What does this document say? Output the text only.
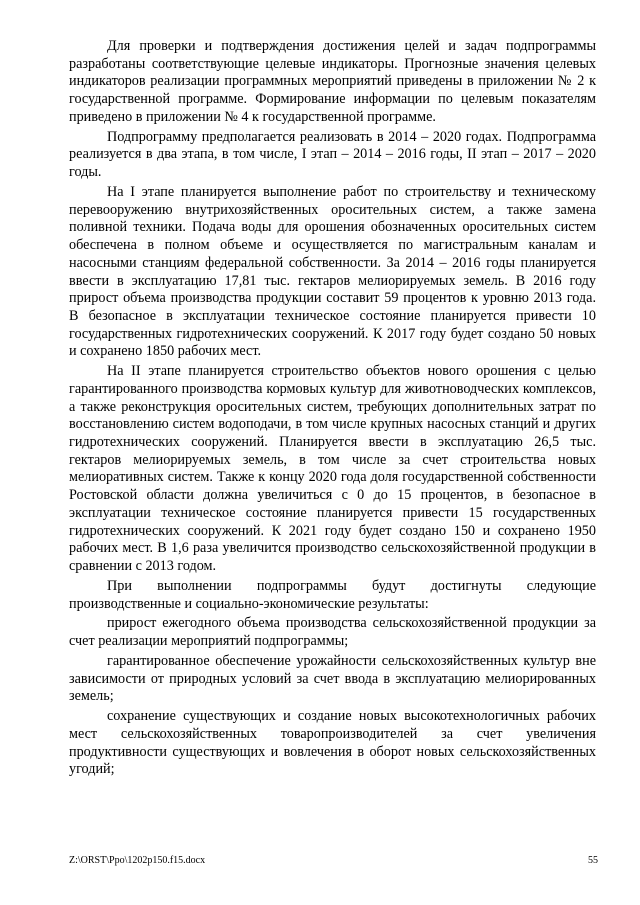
Для проверки и подтверждения достижения целей и задач подпрограммы разработаны соответствующие целевые индикаторы. Прогнозные значения целевых индикаторов реализации программных мероприятий приведены в приложении № 2 к государственной программе. Формирование информации по целевым показателям приведено в приложении № 4 к государственной программе.

Подпрограмму предполагается реализовать в 2014 – 2020 годах. Подпрограмма реализуется в два этапа, в том числе, I этап – 2014 – 2016 годы, II этап – 2017 – 2020 годы.

На I этапе планируется выполнение работ по строительству и техническому перевооружению внутрихозяйственных оросительных систем, а также замена поливной техники. Подача воды для орошения обозначенных оросительных систем обеспечена в полном объеме и осуществляется по магистральным каналам и насосными станциям федеральной собственности. За 2014 – 2016 годы планируется ввести в эксплуатацию 17,81 тыс. гектаров мелиорируемых земель. В 2016 году прирост объема производства продукции составит 59 процентов к уровню 2013 года. В безопасное в эксплуатации техническое состояние планируется привести 10 государственных гидротехнических сооружений. К 2017 году будет создано 50 новых и сохранено 1850 рабочих мест.

На II этапе планируется строительство объектов нового орошения с целью гарантированного производства кормовых культур для животноводческих комплексов, а также реконструкция оросительных систем, требующих дополнительных затрат по восстановлению систем водоподачи, в том числе крупных насосных станций и других гидротехнических сооружений. Планируется ввести в эксплуатацию 26,5 тыс. гектаров мелиорируемых земель, в том числе за счет строительства новых мелиоративных систем. Также к концу 2020 года доля государственной собственности Ростовской области должна увеличиться с 0 до 15 процентов, в безопасное в эксплуатации техническое состояние планируется привести 15 государственных гидротехнических сооружений. К 2021 году будет создано 150 и сохранено 1950 рабочих мест. В 1,6 раза увеличится производство сельскохозяйственной продукции в сравнении с 2013 годом.

При выполнении подпрограммы будут достигнуты следующие производственные и социально-экономические результаты:

прирост ежегодного объема производства сельскохозяйственной продукции за счет реализации мероприятий подпрограммы;

гарантированное обеспечение урожайности сельскохозяйственных культур вне зависимости от природных условий за счет ввода в эксплуатацию мелиорированных земель;

сохранение существующих и создание новых высокотехнологичных рабочих мест сельскохозяйственных товаропроизводителей за счет увеличения продуктивности существующих и вовлечения в оборот новых сельскохозяйственных угодий;

Z:\ORST\Ppo\1202p150.f15.docx	55
